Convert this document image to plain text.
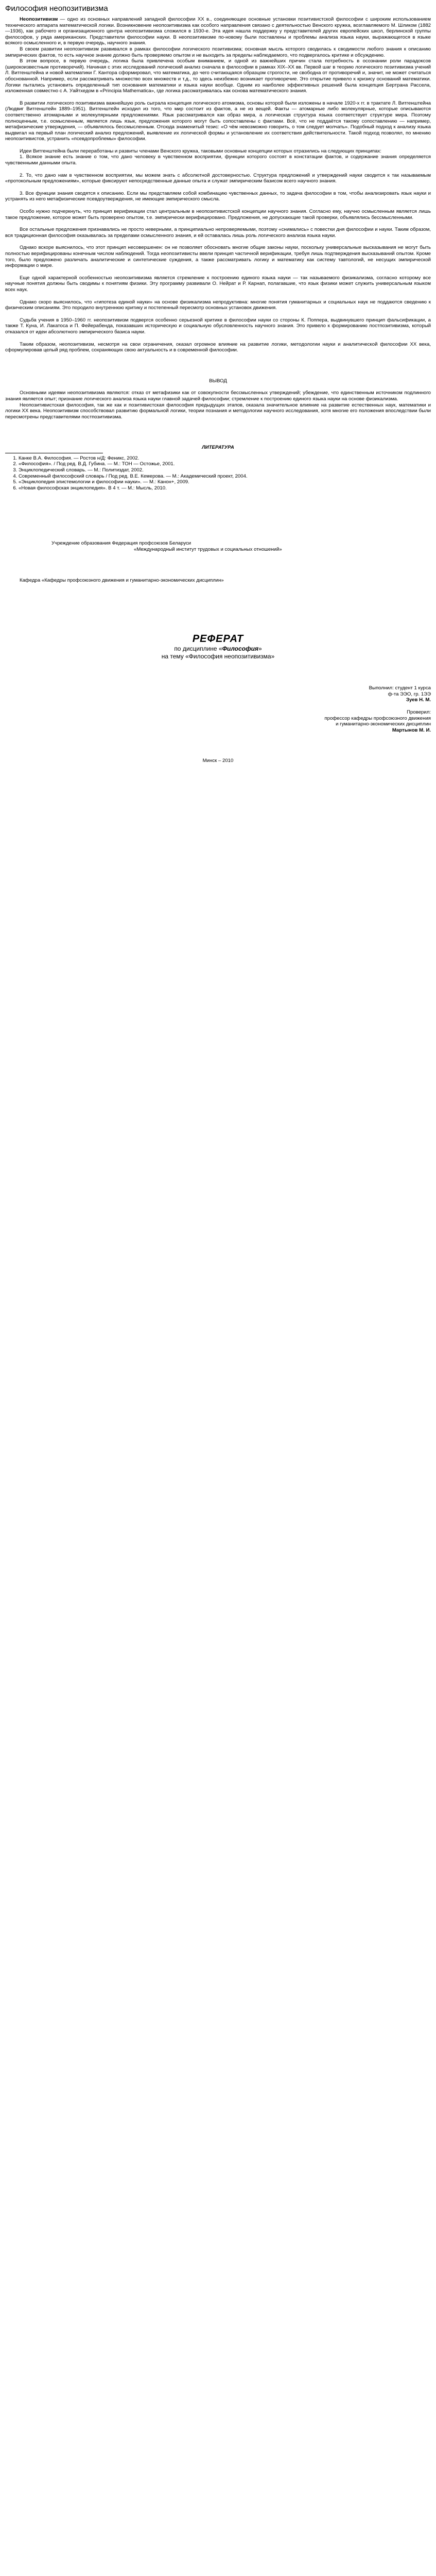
Философия неопозитивизма

Неопозитивизм — одно из основных направлений западной философии XX в., соединяющее основные установки позитивистской философии с широким использованием технического аппарата математической логики. Возникновение неопозитивизма как особого направления связано с деятельностью Венского кружка, возглавляемого М. Шликом (1882—1936), как рабочего и организационного центра неопозитивизма сложился в 1930-е. Эта идея нашла поддержку у представителей других европейских школ, берлинской группы философов, у ряда американских. Представители философии науки. В неопозитивизме по-новому были поставлены и проблемы анализа языка науки, выражающегося в языке всякого осмысленного и, в первую очередь, научного знания.

В своем развитии неопозитивизм развивался в рамках философии логического позитивизма; основная мысль которого сводилась к сводимости любого знания к описанию эмпирических фактов, то есть научное знание должно быть проверяемо опытом и не выходить за пределы наблюдаемого, что подвергалось критике и обсуждению.

В этом вопросе, в первую очередь, логика была привлечена особым вниманием, и одной из важнейших причин стала потребность в осознании роли парадоксов (широкоизвестным противоречий). Начиная с этих исследований логический анализ сначала в философии в рамках XIX–XX вв. Первой шаг в теорию логического позитивизма учений Л. Витгенштейна и новой математики Г. Кантора сформировал, что математика, до чего считающаяся образцом строгости, не свободна от противоречий и, значит, не может считаться обоснованной. Например, если рассматривать множество всех множеств и т.д., то здесь неизбежно возникает противоречие. Это открытие привело к кризису оснований математики. Логики пытались установить определенный тип основания математики и языка науки вообще. Одним из наиболее эффективных решений была концепция Бертрана Рассела, изложенная совместно с А. Уайтхедом в «Principia Mathematica», где логика рассматривалась как основа математического знания.

В развитии логического позитивизма важнейшую роль сыграла концепция логического атомизма, основы которой были изложены в начале 1920-х гг. в трактате Л. Витгенштейна (Людвиг Витгенштейн 1889–1951). Витгенштейн исходил из того, что мир состоит из фактов, а не из вещей. Факты — атомарные либо молекулярные, которые описываются соответственно атомарными и молекулярными предложениями. Язык рассматривался как образ мира, а логическая структура языка соответствует структуре мира. Поэтому полноценным, т.е. осмысленным, является лишь язык, предложения которого могут быть сопоставлены с фактами. Всё, что не поддаётся такому сопоставлению — например, метафизические утверждения, — объявлялось бессмысленным. Отсюда знаменитый тезис: «О чём невозможно говорить, о том следует молчать». Подобный подход к анализу языка выдвигал на первый план логический анализ предложений, выявление их логической формы и установление их соответствия действительности. Такой подход позволял, по мнению неопозитивистов, устранить «псевдопроблемы» философии.

Идеи Витгенштейна были переработаны и развиты членами Венского кружка, таковыми основные концепции которых отразились на следующих принципах:

1. Всякое знание есть знание о том, что дано человеку в чувственном восприятии, функции которого состоят в констатации фактов, и содержание знания определяется чувственными данными опыта.

2. То, что дано нам в чувственном восприятии, мы можем знать с абсолютной достоверностью. Структура предложений и утверждений науки сводится к так называемым «протокольным предложениям», которые фиксируют непосредственные данные опыта и служат эмпирическим базисом всего научного знания.

3. Все функции знания сводятся к описанию. Если мы представляем собой комбинацию чувственных данных, то задача философии в том, чтобы анализировать язык науки и устранять из него метафизические псевдоутверждения, не имеющие эмпирического смысла.

Особо нужно подчеркнуть, что принцип верификации стал центральным в неопозитивистской концепции научного знания. Согласно ему, научно осмысленным является лишь такое предложение, которое может быть проверено опытом, т.е. эмпирически верифицировано. Предложения, не допускающие такой проверки, объявлялись бессмысленными.

Все остальные предложения признавались не просто неверными, а принципиально непроверяемыми, поэтому «снимались» с повестки дня философии и науки. Таким образом, вся традиционная философия оказывалась за пределами осмысленного знания, и ей оставалась лишь роль логического анализа языка науки.

Однако вскоре выяснилось, что этот принцип несовершенен: он не позволяет обосновать многие общие законы науки, поскольку универсальные высказывания не могут быть полностью верифицированы конечным числом наблюдений. Тогда неопозитивисты ввели принцип частичной верификации, требуя лишь подтверждения высказываний опытом. Кроме того, было предложено различать аналитические и синтетические суждения, а также рассматривать логику и математику как систему тавтологий, не несущих эмпирической информации о мире.

Еще одной характерной особенностью неопозитивизма является стремление к построению единого языка науки — так называемого физикализма, согласно которому все научные понятия должны быть сводимы к понятиям физики. Эту программу развивали О. Нейрат и Р. Карнап, полагавшие, что язык физики может служить универсальным языком всех наук.

Однако скоро выяснилось, что «гипотеза единой науки» на основе физикализма непродуктивна: многие понятия гуманитарных и социальных наук не поддаются сведению к физическим описаниям. Это породило внутреннюю критику и постепенный пересмотр основных установок движения.

Судьба учения в 1950–1960 гг. неопозитивизм подвергся особенно серьезной критике в философии науки со стороны К. Поппера, выдвинувшего принцип фальсификации, а также Т. Куна, И. Лакатоса и П. Фейерабенда, показавших историческую и социальную обусловленность научного знания. Это привело к формированию постпозитивизма, который отказался от идеи абсолютного эмпирического базиса науки.

Таким образом, неопозитивизм, несмотря на свои ограничения, оказал огромное влияние на развитие логики, методологии науки и аналитической философии XX века, сформулировав целый ряд проблем, сохраняющих свою актуальность и в современной философии.

ВЫВОД

Основными идеями неопозитивизма являются: отказ от метафизики как от совокупности бессмысленных утверждений; убеждение, что единственным источником подлинного знания является опыт; признание логического анализа языка науки главной задачей философии; стремление к построению единого языка науки на основе физикализма.

Неопозитивистская философия, так же как и позитивистская философия предыдущих этапов, оказала значительное влияние на развитие естественных наук, математики и логики XX века. Неопозитивизм способствовал развитию формальной логики, теории познания и методологии научного исследования, хотя многие его положения впоследствии были пересмотрены представителями постпозитивизма.

ЛИТЕРАТУРА

1. Канке В.А. Философия. — Ростов н/Д: Феникс, 2002.
2. «Философия». / Под ред. В.Д. Губина. — М.: ТОН — Остожье, 2001.
3. Энциклопедический словарь. — М.: Политиздат, 2002.
4. Современный философский словарь / Под ред. В.Е. Кемерова. — М.: Академический проект, 2004.
5. «Энциклопедия эпистемологии и философии науки». — М.: Канон+, 2009.
6. «Новая философская энциклопедия». В 4 т. — М.: Мысль, 2010.

Учреждение образования Федерация профсоюзов Беларуси

«Международный институт трудовых и социальных отношений»

Кафедра «Кафедры профсоюзного движения и гуманитарно-экономических дисциплин»

РЕФЕРАТ

по дисциплине «Философия»

на тему «Философия неопозитивизма»

Выполнил: студент 1 курса

ф-та ЭЭО, гр. 1ЭЭ

Зуев Н. М.

Проверил:

профессор кафедры профсоюзного движения

и гуманитарно-экономических дисциплин

Мартынов М. И.

Минск – 2010
